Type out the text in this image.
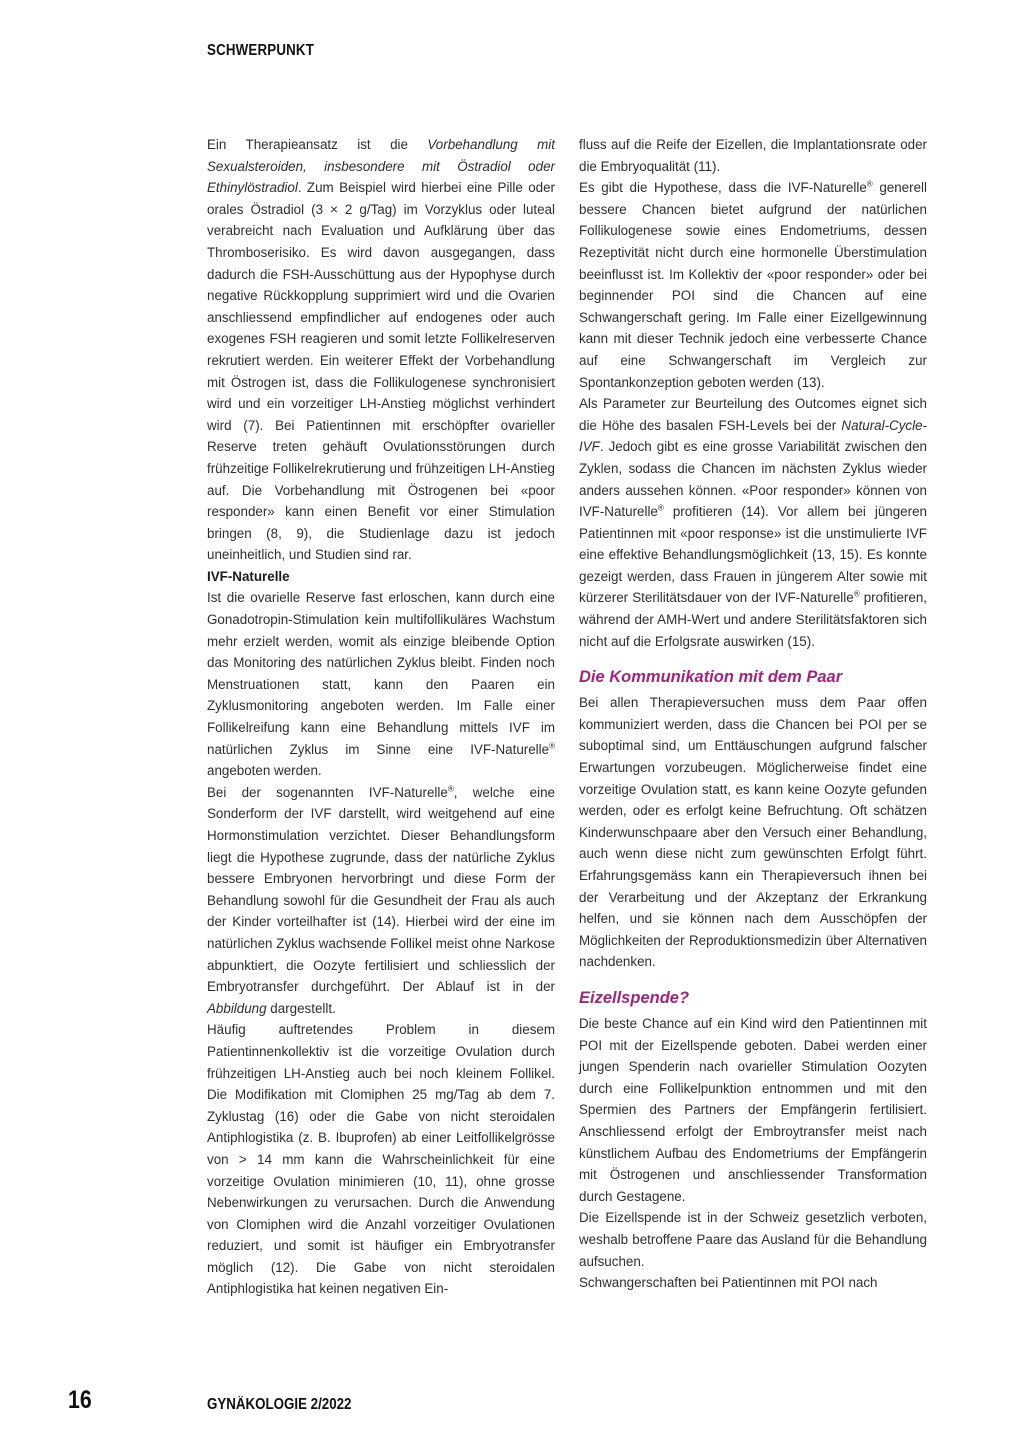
SCHWERPUNKT

Ein Therapieansatz ist die Vorbehandlung mit Sexualsteroiden, insbesondere mit Östradiol oder Ethinylöstradiol. Zum Beispiel wird hierbei eine Pille oder orales Östradiol (3 × 2 g/Tag) im Vorzyklus oder luteal verabreicht nach Evaluation und Aufklärung über das Thromboserisiko. Es wird davon ausgegangen, dass dadurch die FSH-Ausschüttung aus der Hypophyse durch negative Rückkopplung supprimiert wird und die Ovarien anschliessend empfindlicher auf endogenes oder auch exogenes FSH reagieren und somit letzte Follikelreserven rekrutiert werden. Ein weiterer Effekt der Vorbehandlung mit Östrogen ist, dass die Follikulogenese synchronisiert wird und ein vorzeitiger LH-Anstieg möglichst verhindert wird (7). Bei Patientinnen mit erschöpfter ovarieller Reserve treten gehäuft Ovulationsstörungen durch frühzeitige Follikelrekrutierung und frühzeitigen LH-Anstieg auf. Die Vorbehandlung mit Östrogenen bei «poor responder» kann einen Benefit vor einer Stimulation bringen (8, 9), die Studienlage dazu ist jedoch uneinheitlich, und Studien sind rar.

IVF-Naturelle

Ist die ovarielle Reserve fast erloschen, kann durch eine Gonadotropin-Stimulation kein multifollikuläres Wachstum mehr erzielt werden, womit als einzige bleibende Option das Monitoring des natürlichen Zyklus bleibt. Finden noch Menstruationen statt, kann den Paaren ein Zyklusmonitoring angeboten werden. Im Falle einer Follikelreifung kann eine Behandlung mittels IVF im natürlichen Zyklus im Sinne eine IVF-Naturelle® angeboten werden.

Bei der sogenannten IVF-Naturelle®, welche eine Sonderform der IVF darstellt, wird weitgehend auf eine Hormonstimulation verzichtet. Dieser Behandlungsform liegt die Hypothese zugrunde, dass der natürliche Zyklus bessere Embryonen hervorbringt und diese Form der Behandlung sowohl für die Gesundheit der Frau als auch der Kinder vorteilhafter ist (14). Hierbei wird der eine im natürlichen Zyklus wachsende Follikel meist ohne Narkose abpunktiert, die Oozyte fertilisiert und schliesslich der Embryotransfer durchgeführt. Der Ablauf ist in der Abbildung dargestellt.

Häufig auftretendes Problem in diesem Patientinnenkollektiv ist die vorzeitige Ovulation durch frühzeitigen LH-Anstieg auch bei noch kleinem Follikel. Die Modifikation mit Clomiphen 25 mg/Tag ab dem 7. Zyklustag (16) oder die Gabe von nicht steroidalen Antiphlogistika (z. B. Ibuprofen) ab einer Leitfollikelgrösse von > 14 mm kann die Wahrscheinlichkeit für eine vorzeitige Ovulation minimieren (10, 11), ohne grosse Nebenwirkungen zu verursachen. Durch die Anwendung von Clomiphen wird die Anzahl vorzeitiger Ovulationen reduziert, und somit ist häufiger ein Embryotransfer möglich (12). Die Gabe von nicht steroidalen Antiphlogistika hat keinen negativen Ein-

fluss auf die Reife der Eizellen, die Implantationsrate oder die Embryoqualität (11).

Es gibt die Hypothese, dass die IVF-Naturelle® generell bessere Chancen bietet aufgrund der natürlichen Follikulogenese sowie eines Endometriums, dessen Rezeptivität nicht durch eine hormonelle Überstimulation beeinflusst ist. Im Kollektiv der «poor responder» oder bei beginnender POI sind die Chancen auf eine Schwangerschaft gering. Im Falle einer Eizellgewinnung kann mit dieser Technik jedoch eine verbesserte Chance auf eine Schwangerschaft im Vergleich zur Spontankonzeption geboten werden (13).

Als Parameter zur Beurteilung des Outcomes eignet sich die Höhe des basalen FSH-Levels bei der Natural-Cycle-IVF. Jedoch gibt es eine grosse Variabilität zwischen den Zyklen, sodass die Chancen im nächsten Zyklus wieder anders aussehen können. «Poor responder» können von IVF-Naturelle® profitieren (14). Vor allem bei jüngeren Patientinnen mit «poor response» ist die unstimulierte IVF eine effektive Behandlungsmöglichkeit (13, 15). Es konnte gezeigt werden, dass Frauen in jüngerem Alter sowie mit kürzerer Sterilitätsdauer von der IVF-Naturelle® profitieren, während der AMH-Wert und andere Sterilitätsfaktoren sich nicht auf die Erfolgsrate auswirken (15).

Die Kommunikation mit dem Paar

Bei allen Therapieversuchen muss dem Paar offen kommuniziert werden, dass die Chancen bei POI per se suboptimal sind, um Enttäuschungen aufgrund falscher Erwartungen vorzubeugen. Möglicherweise findet eine vorzeitige Ovulation statt, es kann keine Oozyte gefunden werden, oder es erfolgt keine Befruchtung. Oft schätzen Kinderwunschpaare aber den Versuch einer Behandlung, auch wenn diese nicht zum gewünschten Erfolgt führt. Erfahrungsgemäss kann ein Therapieversuch ihnen bei der Verarbeitung und der Akzeptanz der Erkrankung helfen, und sie können nach dem Ausschöpfen der Möglichkeiten der Reproduktionsmedizin über Alternativen nachdenken.

Eizellspende?

Die beste Chance auf ein Kind wird den Patientinnen mit POI mit der Eizellspende geboten. Dabei werden einer jungen Spenderin nach ovarieller Stimulation Oozyten durch eine Follikelpunktion entnommen und mit den Spermien des Partners der Empfängerin fertilisiert. Anschliessend erfolgt der Embroytransfer meist nach künstlichem Aufbau des Endometriums der Empfängerin mit Östrogenen und anschliessender Transformation durch Gestagene.

Die Eizellspende ist in der Schweiz gesetzlich verboten, weshalb betroffene Paare das Ausland für die Behandlung aufsuchen.

Schwangerschaften bei Patientinnen mit POI nach

16	GYNÄKOLOGIE 2/2022
